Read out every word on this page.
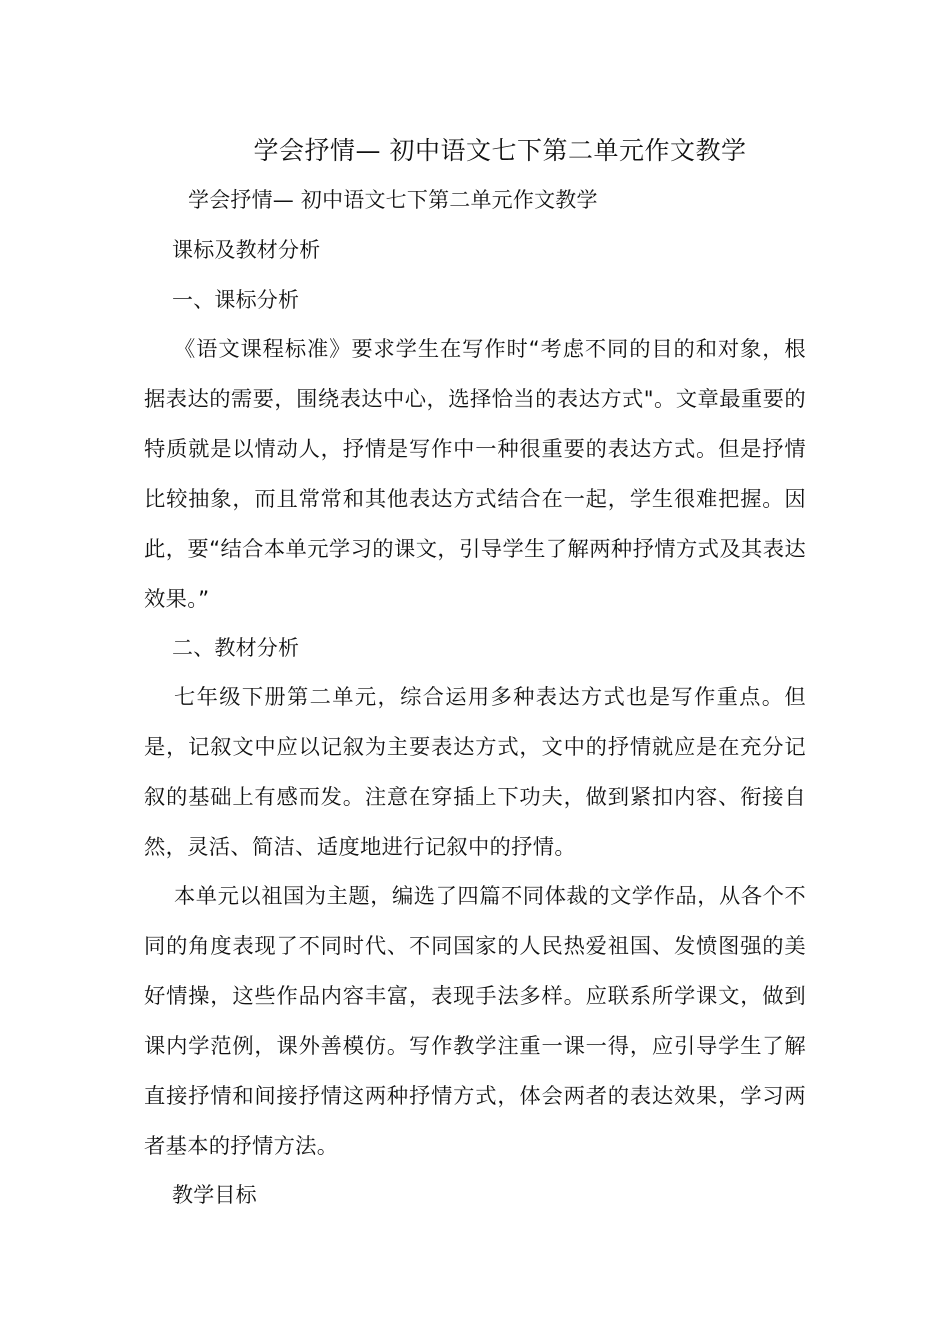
学会抒情— 初中语文七下第二单元作文教学
学会抒情— 初中语文七下第二单元作文教学
课标及教材分析
一、课标分析
《语文课程标准》要求学生在写作时“考虑不同的目的和对象，根据表达的需要，围绕表达中心，选择恰当的表达方式"。文章最重要的特质就是以情动人，抒情是写作中一种很重要的表达方式。但是抒情比较抽象，而且常常和其他表达方式结合在一起，学生很难把握。因此，要“结合本单元学习的课文，引导学生了解两种抒情方式及其表达效果。”
二、教材分析
七年级下册第二单元，综合运用多种表达方式也是写作重点。但是，记叙文中应以记叙为主要表达方式，文中的抒情就应是在充分记叙的基础上有感而发。注意在穿插上下功夫，做到紧扣内容、衔接自然，灵活、简洁、适度地进行记叙中的抒情。
本单元以祖国为主题，编选了四篇不同体裁的文学作品，从各个不同的角度表现了不同时代、不同国家的人民热爱祖国、发愤图强的美好情操，这些作品内容丰富，表现手法多样。应联系所学课文，做到课内学范例，课外善模仿。写作教学注重一课一得，应引导学生了解直接抒情和间接抒情这两种抒情方式，体会两者的表达效果，学习两者基本的抒情方法。
教学目标
